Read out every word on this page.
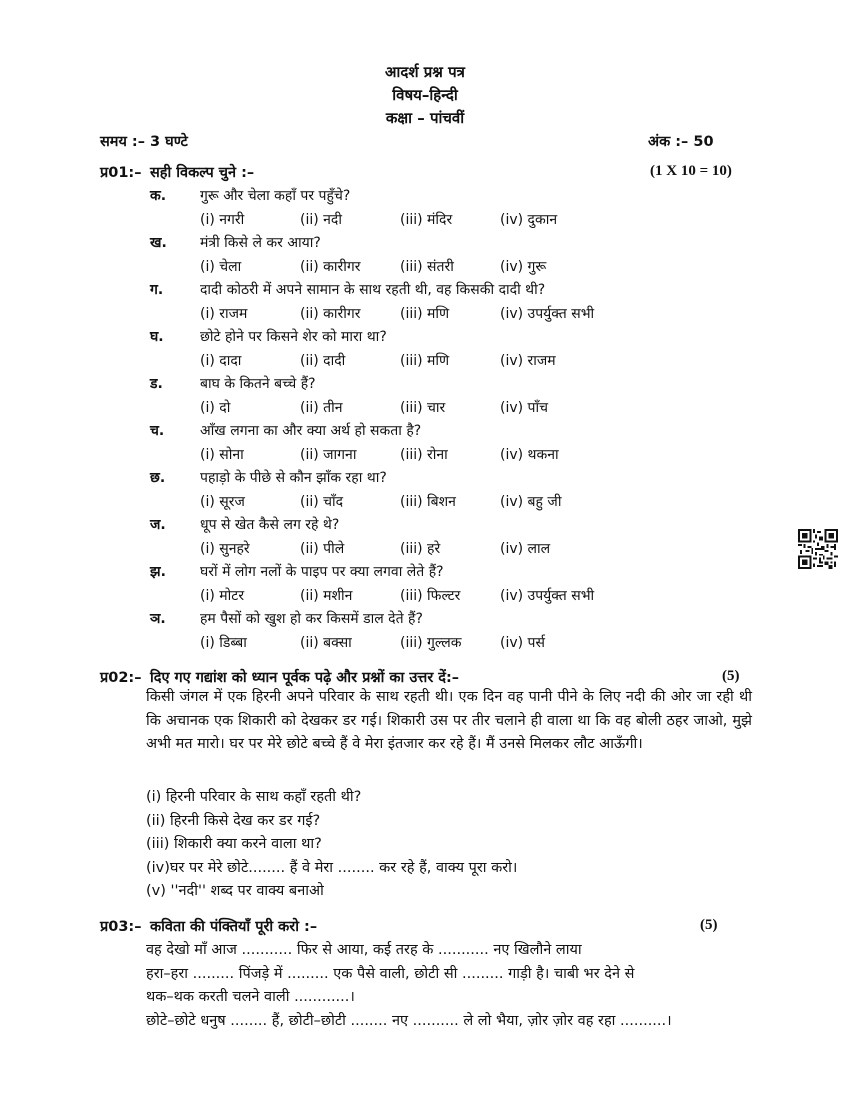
आदर्श प्रश्न पत्र
विषय–हिन्दी
कक्षा – पांचवीं
समय :– 3 घण्टे	अंक :– 50
प्र01:– सही विकल्प चुने :–	(1 X 10 = 10)
क. गुरू और चेला कहाँ पर पहुँचे?
(i) नगरी	(ii) नदी	(iii) मंदिर	(iv) दुकान
ख. मंत्री किसे ले कर आया?
(i) चेला	(ii) कारीगर	(iii) संतरी	(iv) गुरू
ग.	दादी कोठरी में अपने सामान के साथ रहती थी, वह किसकी दादी थी?
(i) राजम	(ii) कारीगर	(iii) मणि	(iv) उपर्युक्त सभी
घ.	छोटे होने पर किसने शेर को मारा था?
(i) दादा	(ii) दादी	(iii) मणि	(iv) राजम
ड.	बाघ के कितने बच्चे हैं?
(i) दो	(ii) तीन	(iii) चार	(iv) पाँच
च.	आँख लगना का और क्या अर्थ हो सकता है?
(i) सोना	(ii) जागना	(iii) रोना	(iv) थकना
छ. पहाड़ो के पीछे से कौन झाँक रहा था?
(i) सूरज	(ii) चाँद	(iii) बिशन	(iv) बहु जी
ज. धूप से खेत कैसे लग रहे थे?
(i) सुनहरे	(ii) पीले	(iii) हरे	(iv) लाल
झ. घरों में लोग नलों के पाइप पर क्या लगवा लेते हैं?
(i) मोटर	(ii) मशीन	(iii) फिल्टर	(iv) उपर्युक्त सभी
ञ. हम पैसों को खुश हो कर किसमें डाल देते हैं?
(i) डिब्बा	(ii) बक्सा	(iii) गुल्लक	(iv) पर्स
प्र02:– दिए गए गद्यांश को ध्यान पूर्वक पढ़े और प्रश्नों का उत्तर दें:–	(5)
किसी जंगल में एक हिरनी अपने परिवार के साथ रहती थी। एक दिन वह पानी पीने के लिए नदी की ओर जा रही थी कि अचानक एक शिकारी को देखकर डर गई। शिकारी उस पर तीर चलाने ही वाला था कि वह बोली ठहर जाओ, मुझे अभी मत मारो। घर पर मेरे छोटे बच्चे हैं वे मेरा इंतजार कर रहे हैं। मैं उनसे मिलकर लौट आऊँगी।
(i) हिरनी परिवार के साथ कहाँ रहती थी?
(ii) हिरनी किसे देख कर डर गई?
(iii) शिकारी क्या करने वाला था?
(iv)घर पर मेरे छोटे........ हैं वे मेरा ........ कर रहे हैं, वाक्य पूरा करो।
(v) ''नदी'' शब्द पर वाक्य बनाओ
प्र03:– कविता की पंक्तियाँ पूरी करो :–	(5)
वह देखो माँ आज ........... फिर से आया, कई तरह के ........... नए खिलौने लाया
हरा–हरा ......... पिंजड़े में ......... एक पैसे वाली, छोटी सी ......... गाड़ी है। चाबी भर देने से
थक–थक करती चलने वाली ............।
छोटे–छोटे धनुष ........ हैं, छोटी–छोटी ........ नए .......... ले लो भैया, ज़ोर ज़ोर वह रहा ..........।
